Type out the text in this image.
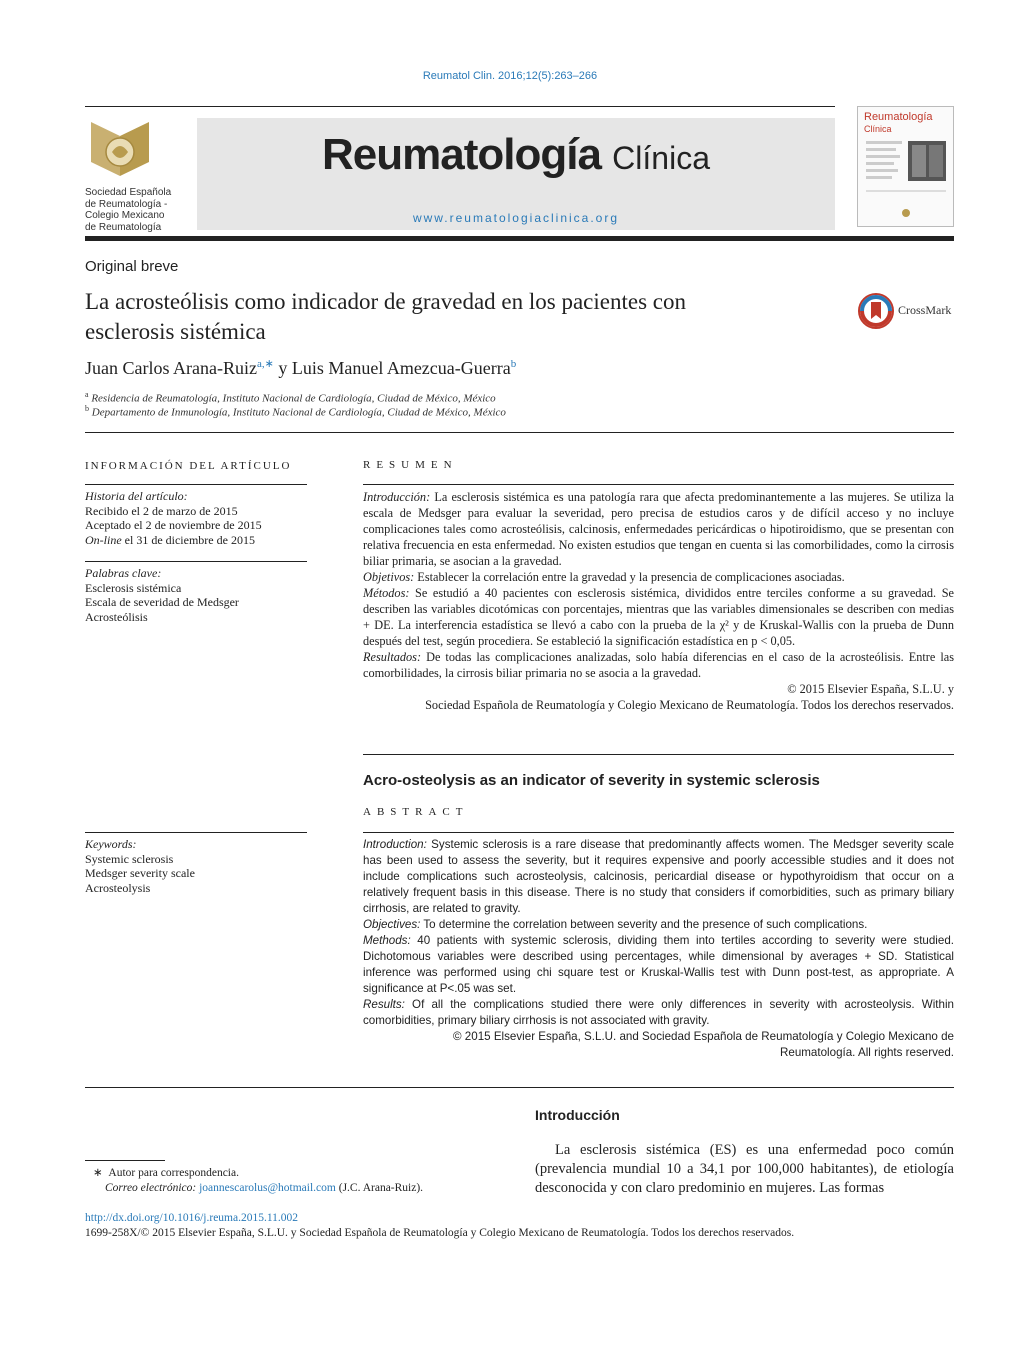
Reumatol Clin. 2016;12(5):263–266
Sociedad Española
de Reumatología -
Colegio Mexicano
de Reumatología
Reumatología Clínica
www.reumatologiaclinica.org
Reumatología
Clínica
Original breve
La acrosteólisis como indicador de gravedad en los pacientes con esclerosis sistémica
CrossMark
Juan Carlos Arana-Ruiz$^{a,∗}$ y Luis Manuel Amezcua-Guerra$^b$
$^a$ Residencia de Reumatología, Instituto Nacional de Cardiología, Ciudad de México, México
$^b$ Departamento de Inmunología, Instituto Nacional de Cardiología, Ciudad de México, México
INFORMACIÓN DEL ARTÍCULO
Historia del artículo:
Recibido el 2 de marzo de 2015
Aceptado el 2 de noviembre de 2015
On-line el 31 de diciembre de 2015
Palabras clave:
Esclerosis sistémica
Escala de severidad de Medsger
Acrosteólisis
Keywords:
Systemic sclerosis
Medsger severity scale
Acrosteolysis
RESUMEN
Introducción: La esclerosis sistémica es una patología rara que afecta predominantemente a las mujeres. Se utiliza la escala de Medsger para evaluar la severidad, pero precisa de estudios caros y de difícil acceso y no incluye complicaciones tales como acrosteólisis, calcinosis, enfermedades pericárdicas o hipotiroidismo, que se presentan con relativa frecuencia en esta enfermedad. No existen estudios que tengan en cuenta si las comorbilidades, como la cirrosis biliar primaria, se asocian a la gravedad.
Objetivos: Establecer la correlación entre la gravedad y la presencia de complicaciones asociadas.
Métodos: Se estudió a 40 pacientes con esclerosis sistémica, divididos entre terciles conforme a su gravedad. Se describen las variables dicotómicas con porcentajes, mientras que las variables dimensionales se describen con medias + DE. La interferencia estadística se llevó a cabo con la prueba de la χ² y de Kruskal-Wallis con la prueba de Dunn después del test, según procediera. Se estableció la significación estadística en p < 0,05.
Resultados: De todas las complicaciones analizadas, solo había diferencias en el caso de la acrosteólisis. Entre las comorbilidades, la cirrosis biliar primaria no se asocia a la gravedad.
© 2015 Elsevier España, S.L.U. y
Sociedad Española de Reumatología y Colegio Mexicano de Reumatología. Todos los derechos reservados.
Acro-osteolysis as an indicator of severity in systemic sclerosis
ABSTRACT
Introduction: Systemic sclerosis is a rare disease that predominantly affects women. The Medsger severity scale has been used to assess the severity, but it requires expensive and poorly accessible studies and it does not include complications such acrosteolysis, calcinosis, pericardial disease or hypothyroidism that occur on a relatively frequent basis in this disease. There is no study that considers if comorbidities, such as primary biliary cirrhosis, are related to gravity.
Objectives: To determine the correlation between severity and the presence of such complications.
Methods: 40 patients with systemic sclerosis, dividing them into tertiles according to severity were studied. Dichotomous variables were described using percentages, while dimensional by averages + SD. Statistical inference was performed using chi square test or Kruskal-Wallis test with Dunn post-test, as appropriate. A significance at P<.05 was set.
Results: Of all the complications studied there were only differences in severity with acrosteolysis. Within comorbidities, primary biliary cirrhosis is not associated with gravity.
© 2015 Elsevier España, S.L.U. and Sociedad Española de Reumatología y Colegio Mexicano de
Reumatología. All rights reserved.
Introducción
La esclerosis sistémica (ES) es una enfermedad poco común (prevalencia mundial 10 a 34,1 por 100,000 habitantes), de etiología desconocida y con claro predominio en mujeres. Las formas
∗ Autor para correspondencia.
Correo electrónico: joannescarolus@hotmail.com (J.C. Arana-Ruiz).
http://dx.doi.org/10.1016/j.reuma.2015.11.002
1699-258X/© 2015 Elsevier España, S.L.U. y Sociedad Española de Reumatología y Colegio Mexicano de Reumatología. Todos los derechos reservados.
